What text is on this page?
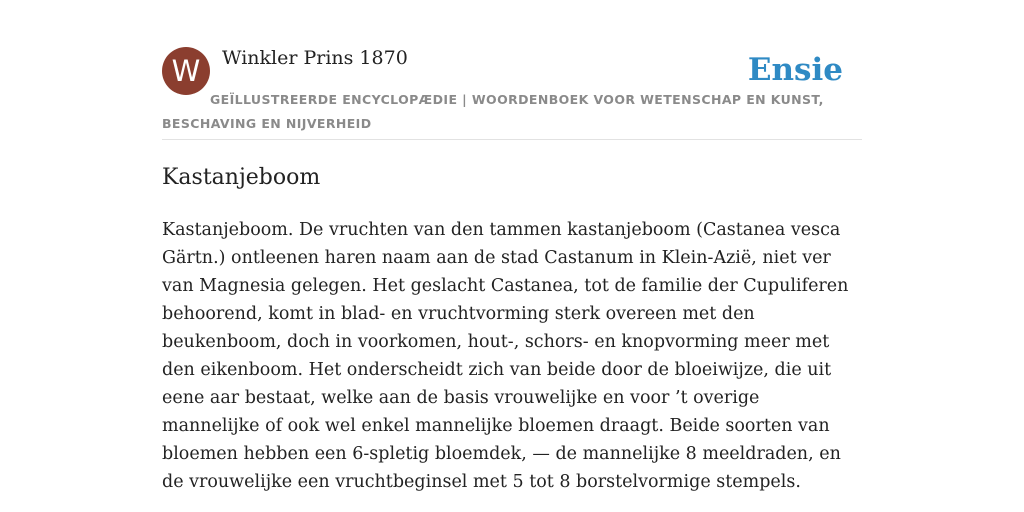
W	Winkler Prins 1870	Ensie
GEÏLLUSTREERDE ENCYCLOPÆDIE | WOORDENBOEK VOOR WETENSCHAP EN KUNST, BESCHAVING EN NIJVERHEID
Kastanjeboom

Kastanjeboom. De vruchten van den tammen kastanjeboom (Castanea vesca Gärtn.) ontleenen haren naam aan de stad Castanum in Klein-Azië, niet ver van Magnesia gelegen. Het geslacht Castanea, tot de familie der Cupuliferen behoorend, komt in blad- en vruchtvorming sterk overeen met den beukenboom, doch in voorkomen, hout-, schors- en knopvorming meer met den eikenboom. Het onderscheidt zich van beide door de bloeiwijze, die uit eene aar bestaat, welke aan de basis vrouwelijke en voor ’t overige mannelijke of ook wel enkel mannelijke bloemen draagt. Beide soorten van bloemen hebben een 6-spletig bloemdek, — de mannelijke 8 meeldraden, en de vrouwelijke een vruchtbeginsel met 5 tot 8 borstelvormige stempels.
